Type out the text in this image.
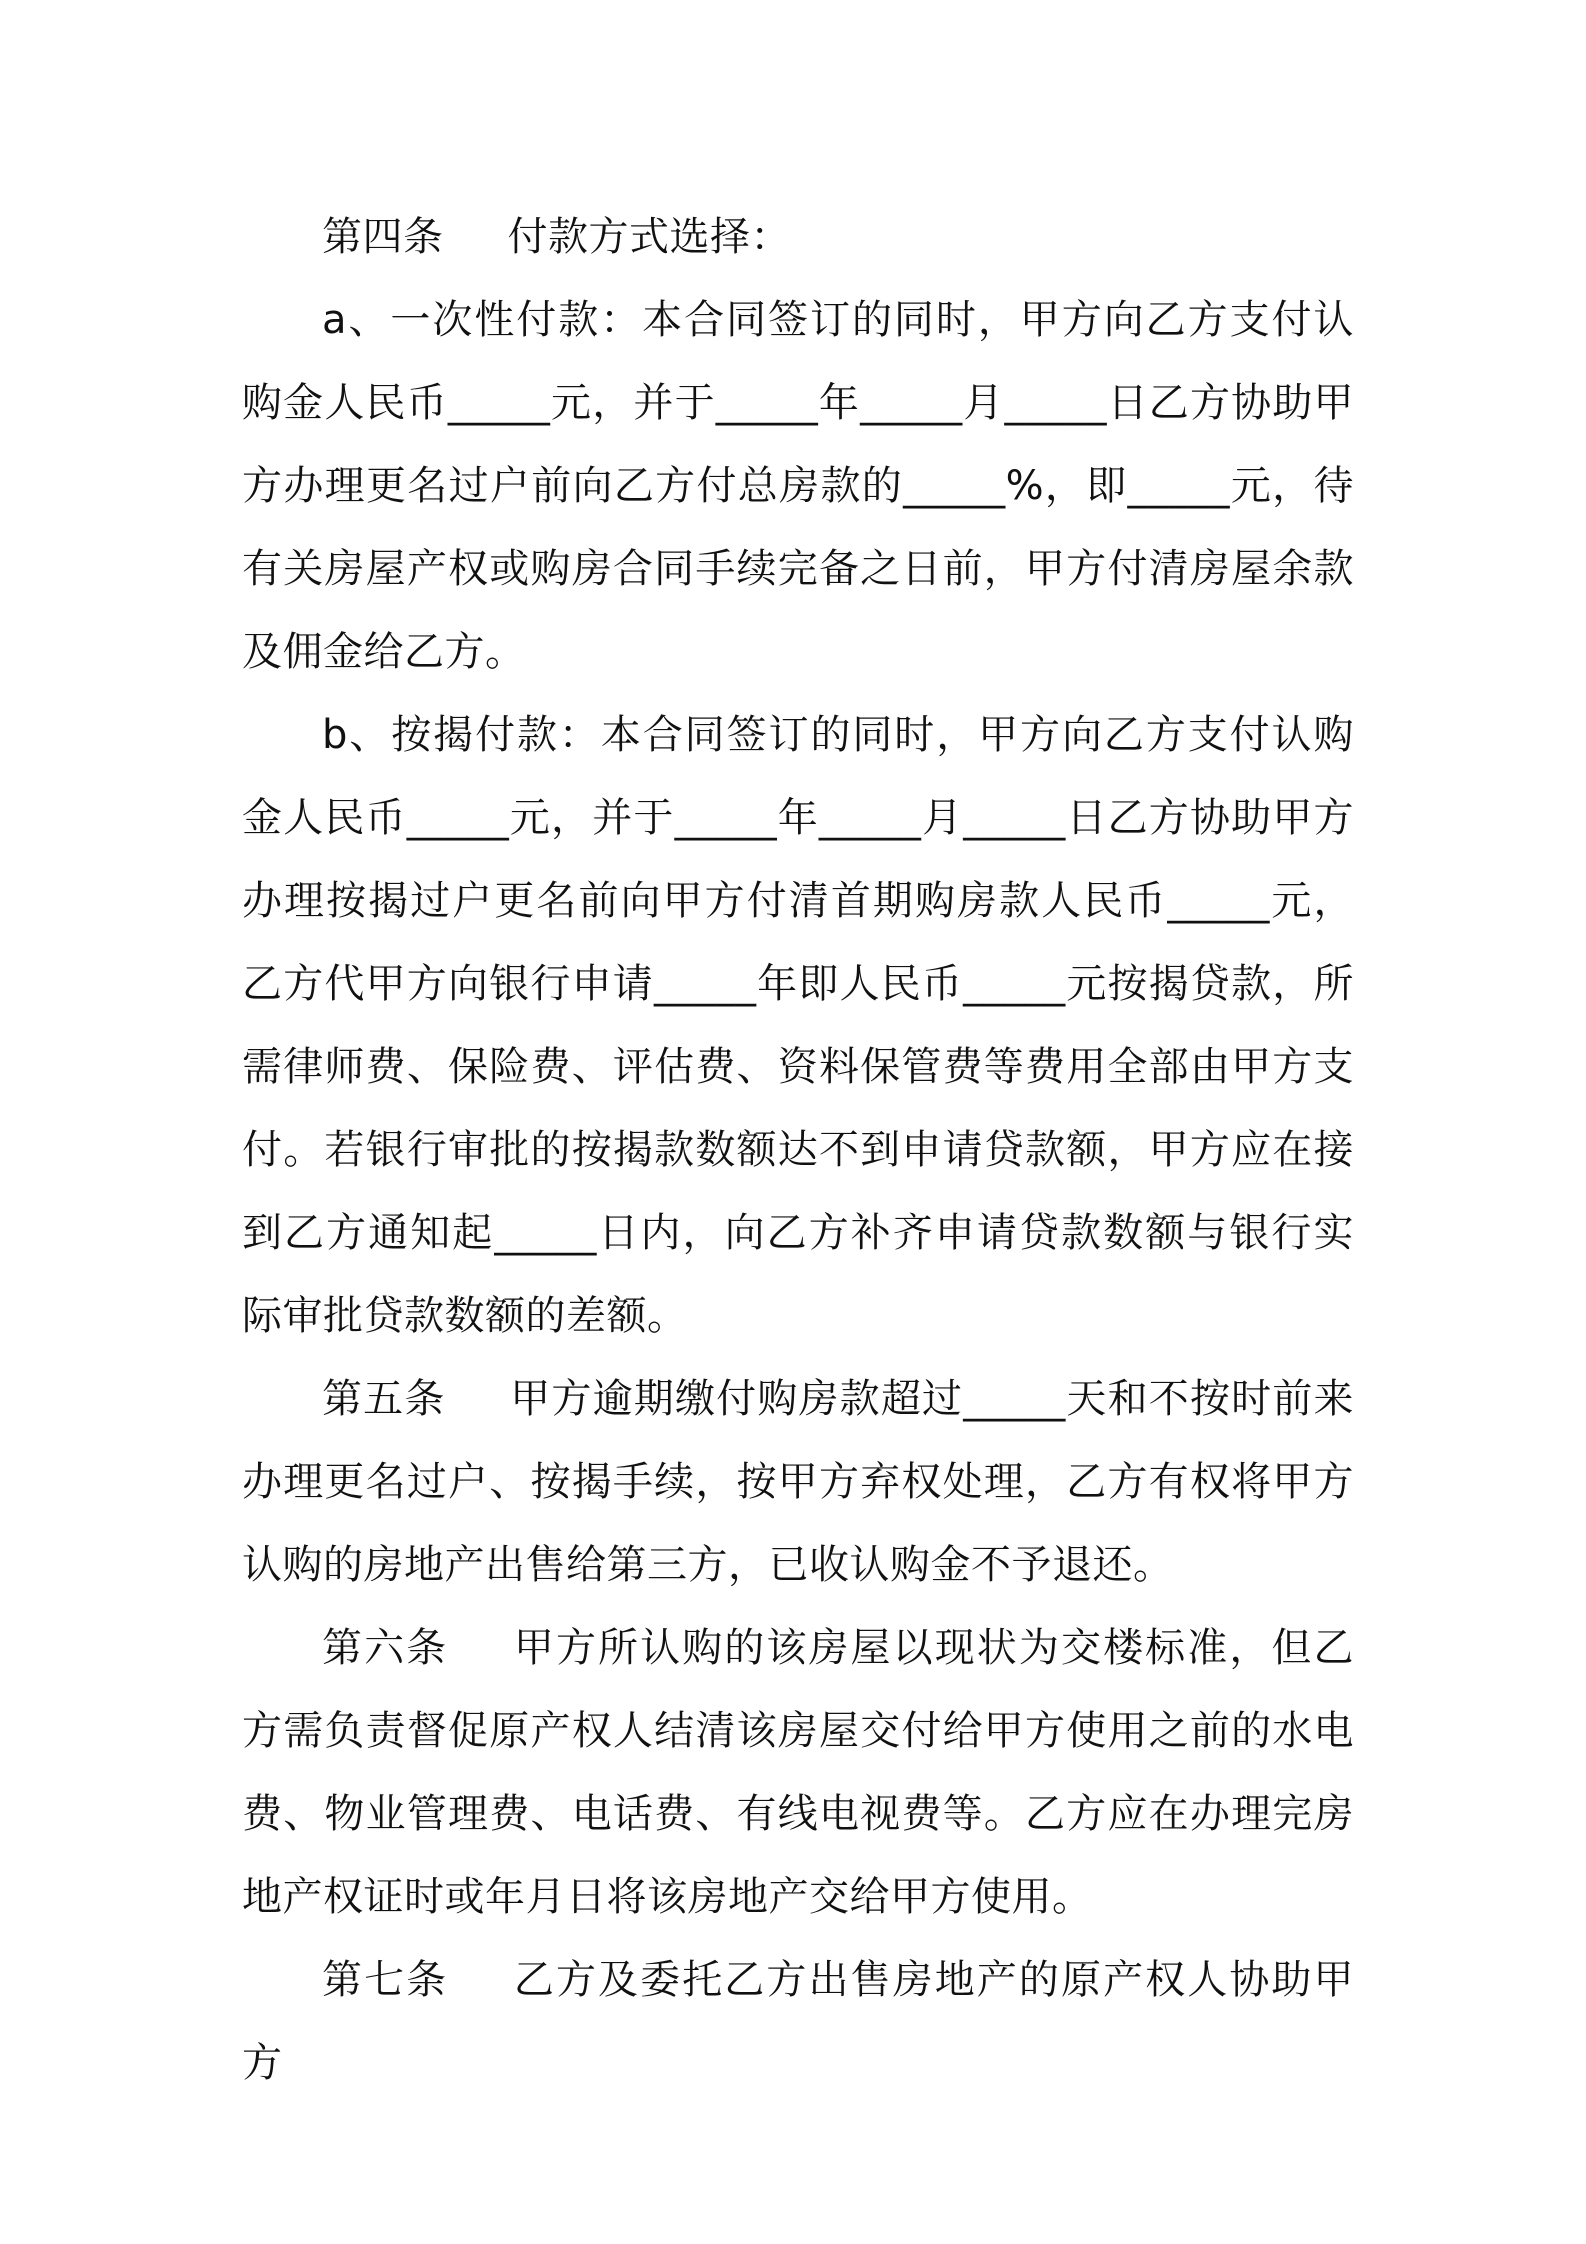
第四条 付款方式选择：

a、一次性付款：本合同签订的同时，甲方向乙方支付认购金人民币_____元，并于_____年_____月_____日乙方协助甲方办理更名过户前向乙方付总房款的_____%，即_____元，待有关房屋产权或购房合同手续完备之日前，甲方付清房屋余款及佣金给乙方。

b、按揭付款：本合同签订的同时，甲方向乙方支付认购金人民币_____元，并于_____年_____月_____日乙方协助甲方办理按揭过户更名前向甲方付清首期购房款人民币_____元，乙方代甲方向银行申请_____年即人民币_____元按揭贷款，所需律师费、保险费、评估费、资料保管费等费用全部由甲方支付。若银行审批的按揭款数额达不到申请贷款额，甲方应在接到乙方通知起_____日内，向乙方补齐申请贷款数额与银行实际审批贷款数额的差额。

第五条 甲方逾期缴付购房款超过_____天和不按时前来办理更名过户、按揭手续，按甲方弃权处理，乙方有权将甲方认购的房地产出售给第三方，已收认购金不予退还。

第六条 甲方所认购的该房屋以现状为交楼标准，但乙方需负责督促原产权人结清该房屋交付给甲方使用之前的水电费、物业管理费、电话费、有线电视费等。乙方应在办理完房地产权证时或年月日将该房地产交给甲方使用。

第七条 乙方及委托乙方出售房地产的原产权人协助甲方
